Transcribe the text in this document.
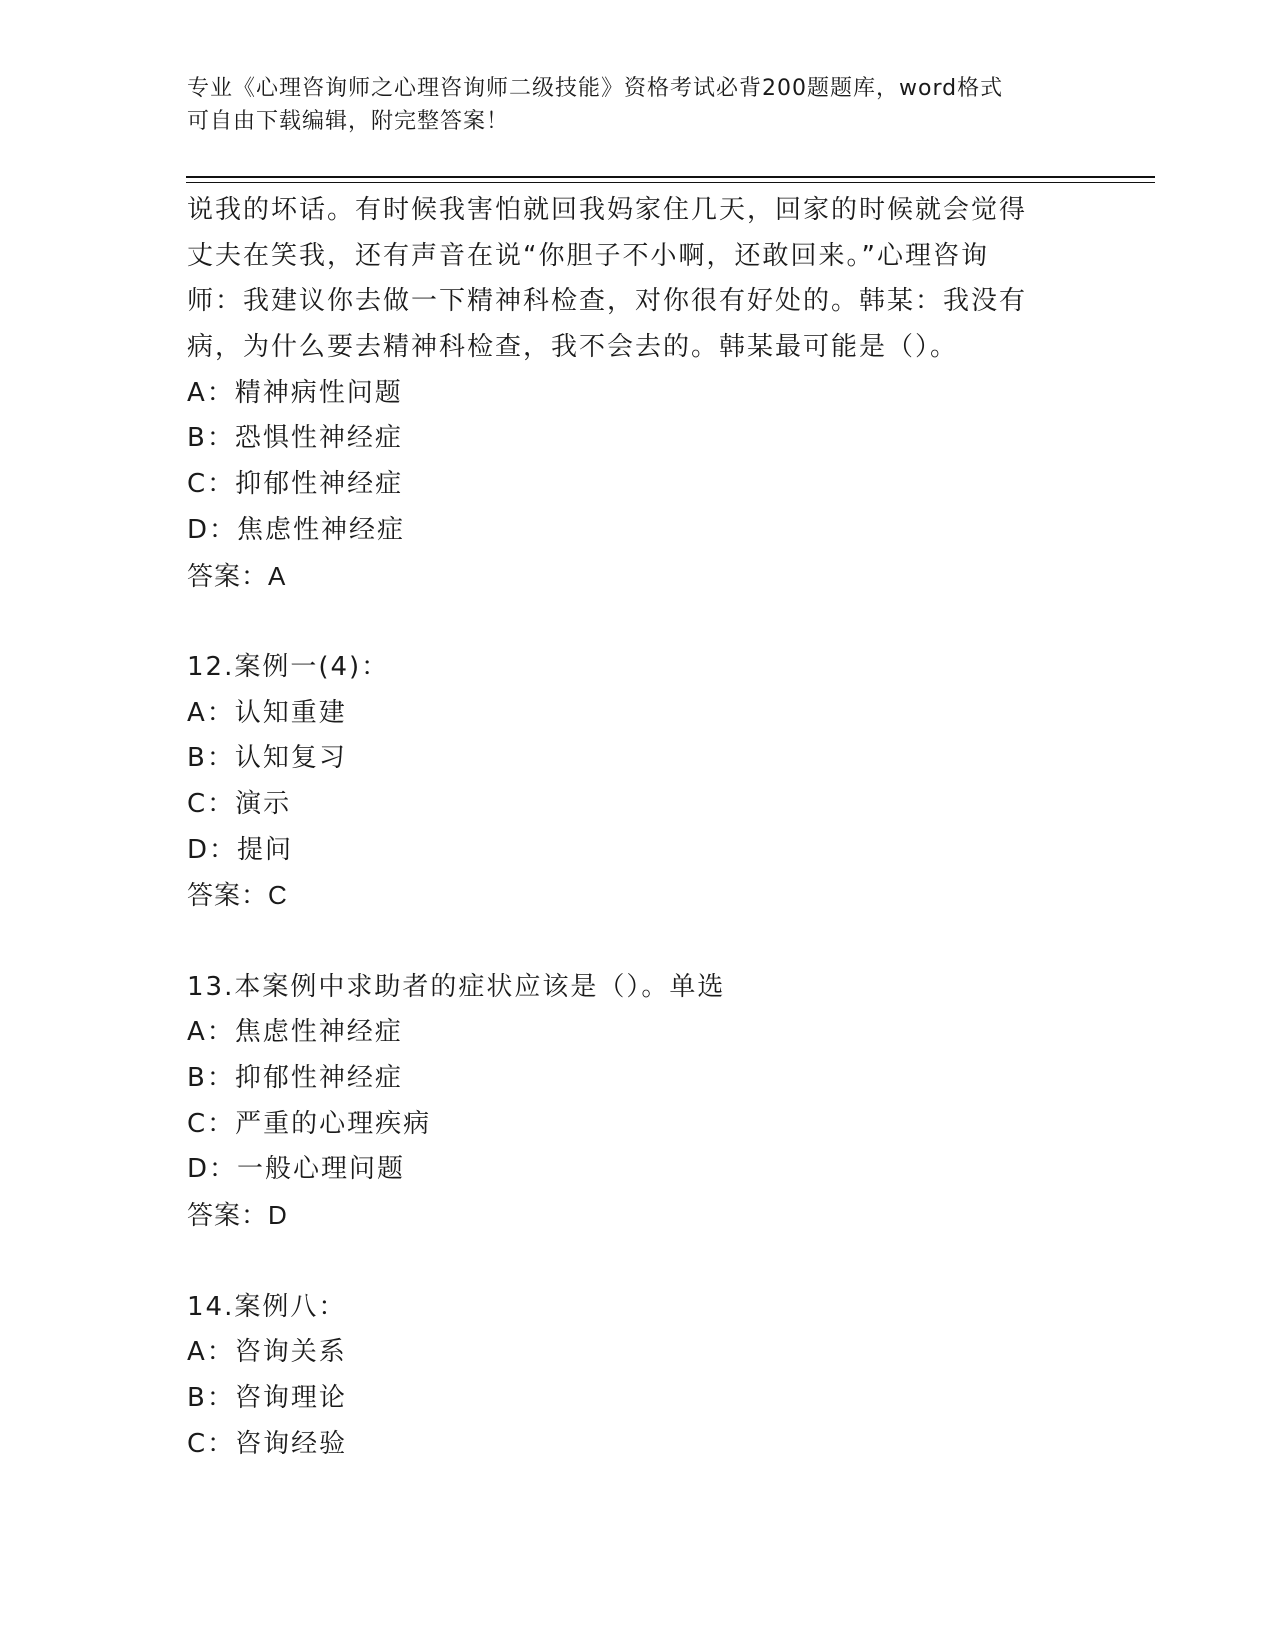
专业《心理咨询师之心理咨询师二级技能》资格考试必背200题题库，word格式
可自由下载编辑，附完整答案！
说我的坏话。有时候我害怕就回我妈家住几天，回家的时候就会觉得
丈夫在笑我，还有声音在说“你胆子不小啊，还敢回来。”心理咨询
师：我建议你去做一下精神科检查，对你很有好处的。韩某：我没有
病，为什么要去精神科检查，我不会去的。韩某最可能是（）。
A：精神病性问题
B：恐惧性神经症
C：抑郁性神经症
D：焦虑性神经症
答案：A
12.案例一(4)：
A：认知重建
B：认知复习
C：演示
D：提问
答案：C
13.本案例中求助者的症状应该是（）。单选
A：焦虑性神经症
B：抑郁性神经症
C：严重的心理疾病
D：一般心理问题
答案：D
14.案例八：
A：咨询关系
B：咨询理论
C：咨询经验
